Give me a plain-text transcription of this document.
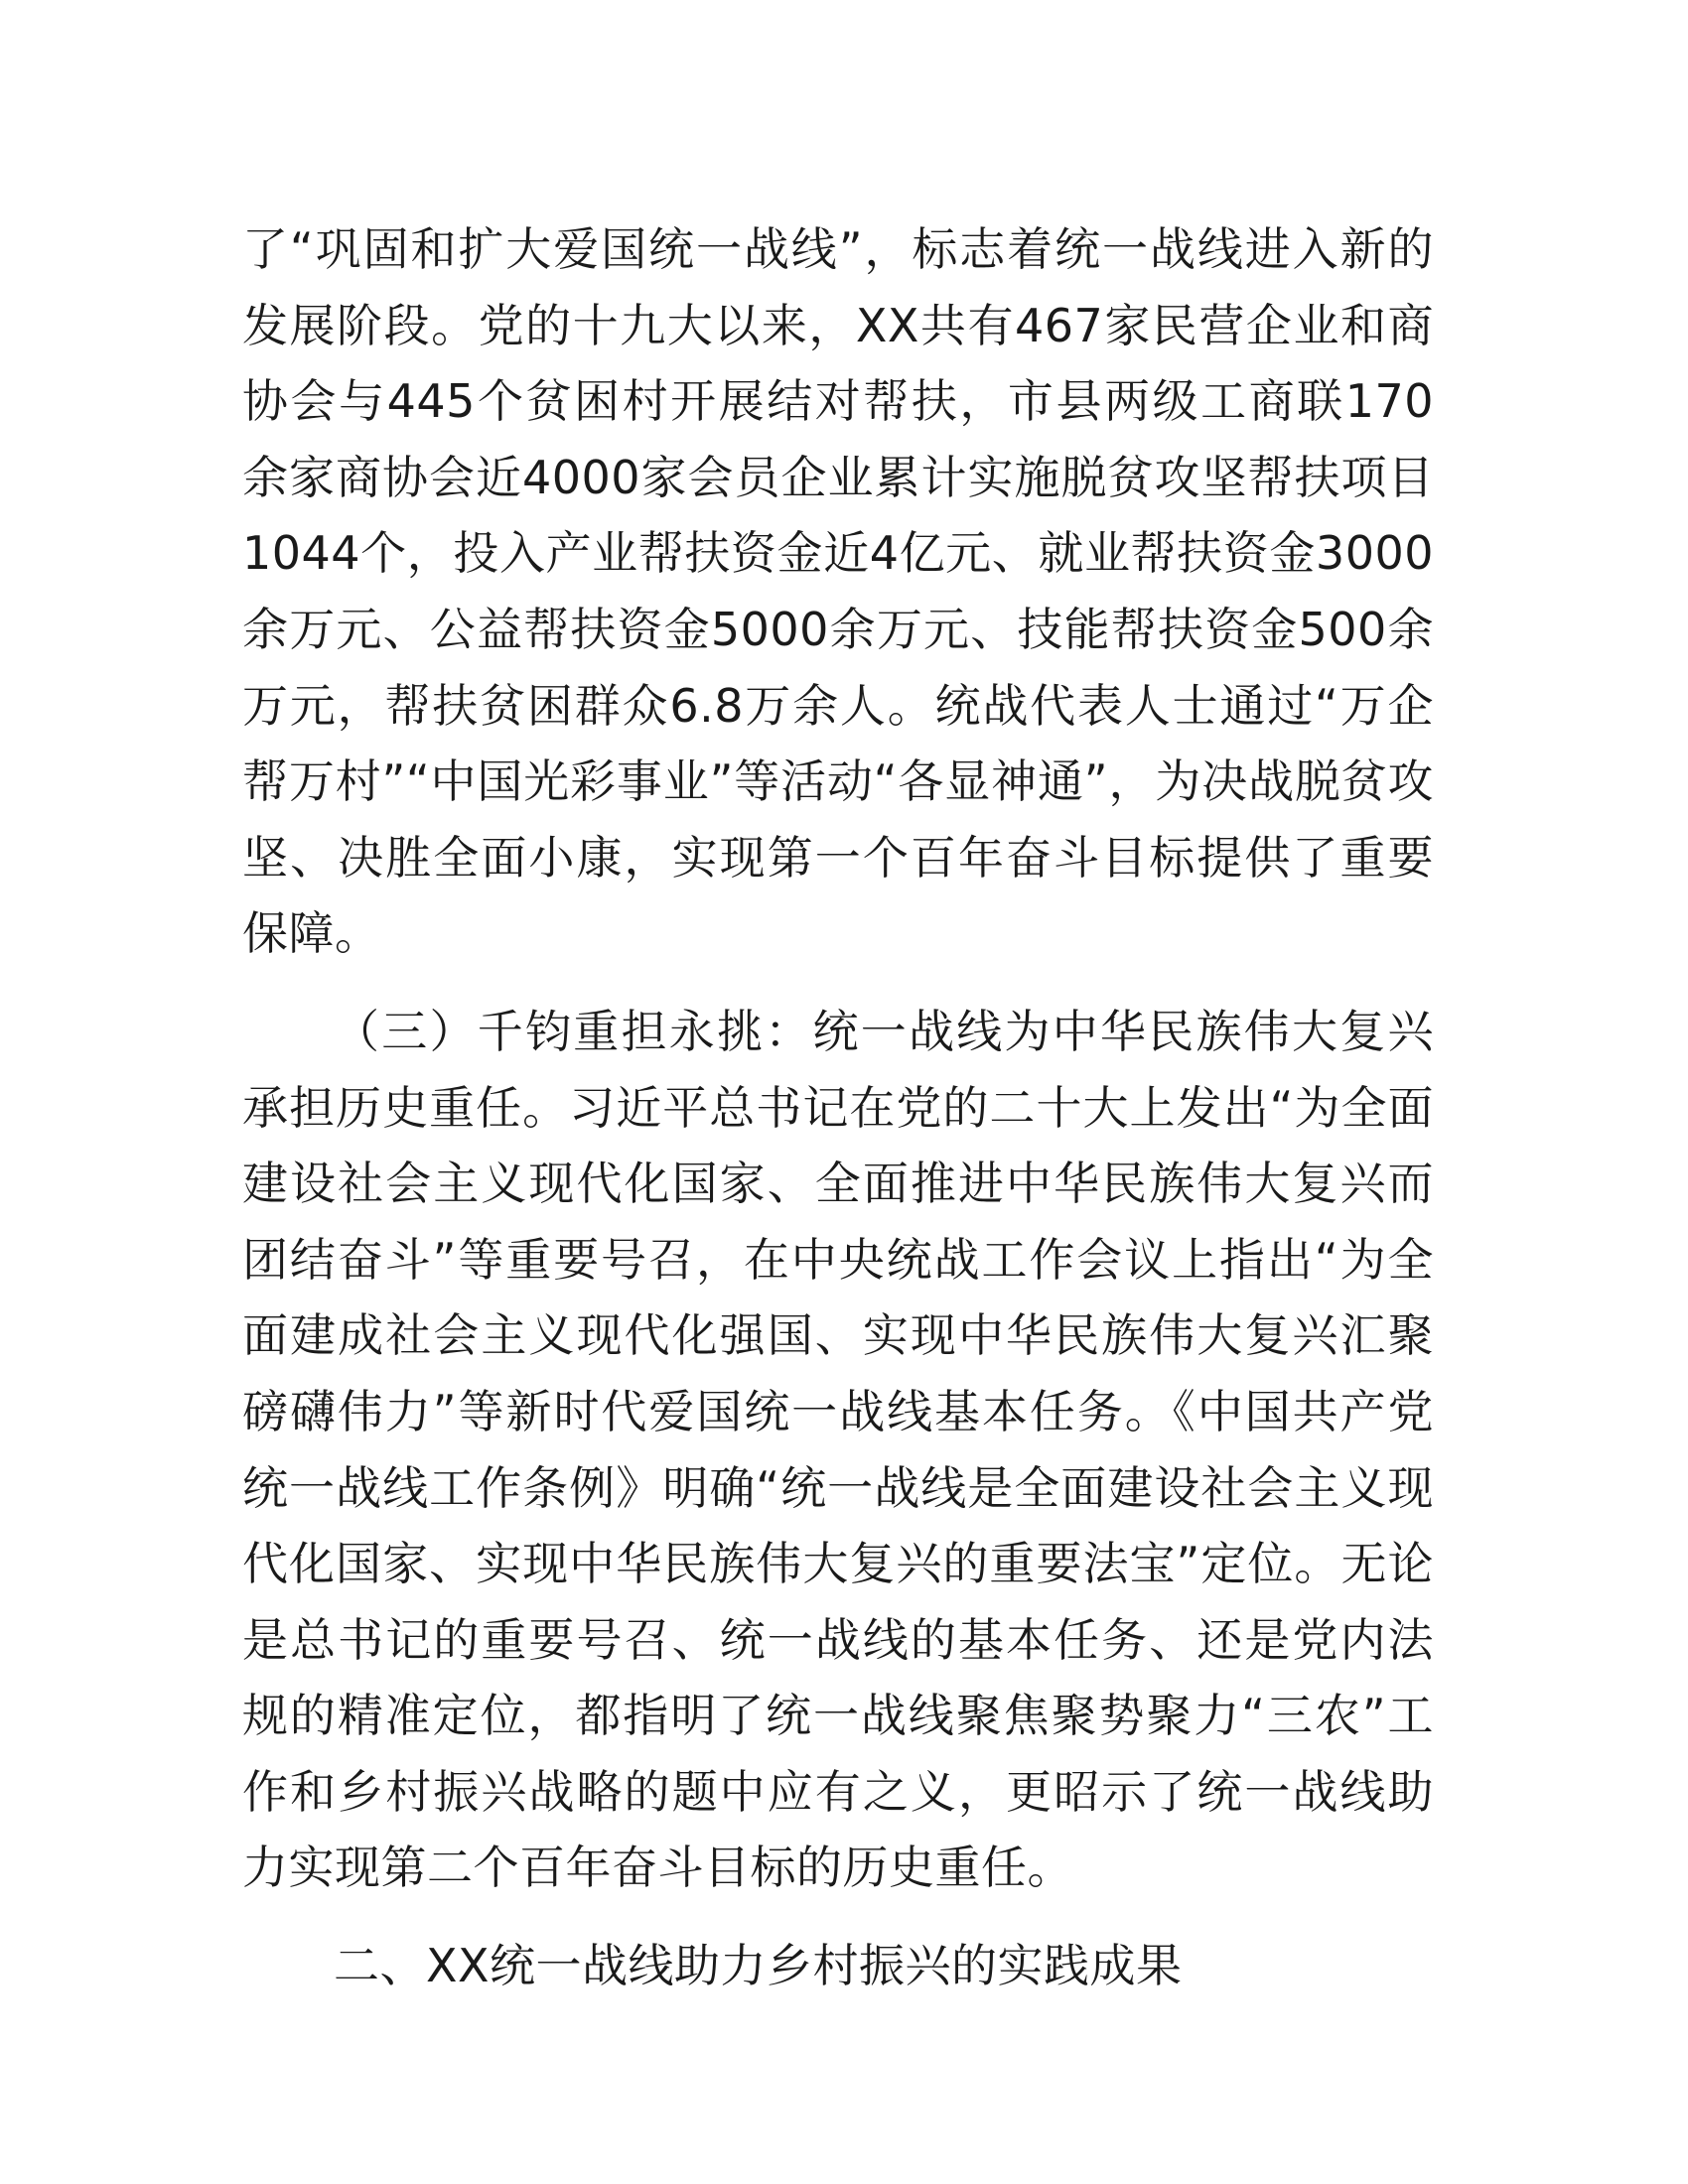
了“巩固和扩大爱国统一战线”，标志着统一战线进入新的发展阶段。党的十九大以来，XX共有467家民营企业和商协会与445个贫困村开展结对帮扶，市县两级工商联170余家商协会近4000家会员企业累计实施脱贫攻坚帮扶项目1044个，投入产业帮扶资金近4亿元、就业帮扶资金3000余万元、公益帮扶资金5000余万元、技能帮扶资金500余万元，帮扶贫困群众6.8万余人。统战代表人士通过“万企帮万村”“中国光彩事业”等活动“各显神通”，为决战脱贫攻坚、决胜全面小康，实现第一个百年奋斗目标提供了重要保障。

（三）千钧重担永挑：统一战线为中华民族伟大复兴承担历史重任。习近平总书记在党的二十大上发出“为全面建设社会主义现代化国家、全面推进中华民族伟大复兴而团结奋斗”等重要号召，在中央统战工作会议上指出“为全面建成社会主义现代化强国、实现中华民族伟大复兴汇聚磅礴伟力”等新时代爱国统一战线基本任务。《中国共产党统一战线工作条例》明确“统一战线是全面建设社会主义现代化国家、实现中华民族伟大复兴的重要法宝”定位。无论是总书记的重要号召、统一战线的基本任务、还是党内法规的精准定位，都指明了统一战线聚焦聚势聚力“三农”工作和乡村振兴战略的题中应有之义，更昭示了统一战线助力实现第二个百年奋斗目标的历史重任。

二、XX统一战线助力乡村振兴的实践成果
